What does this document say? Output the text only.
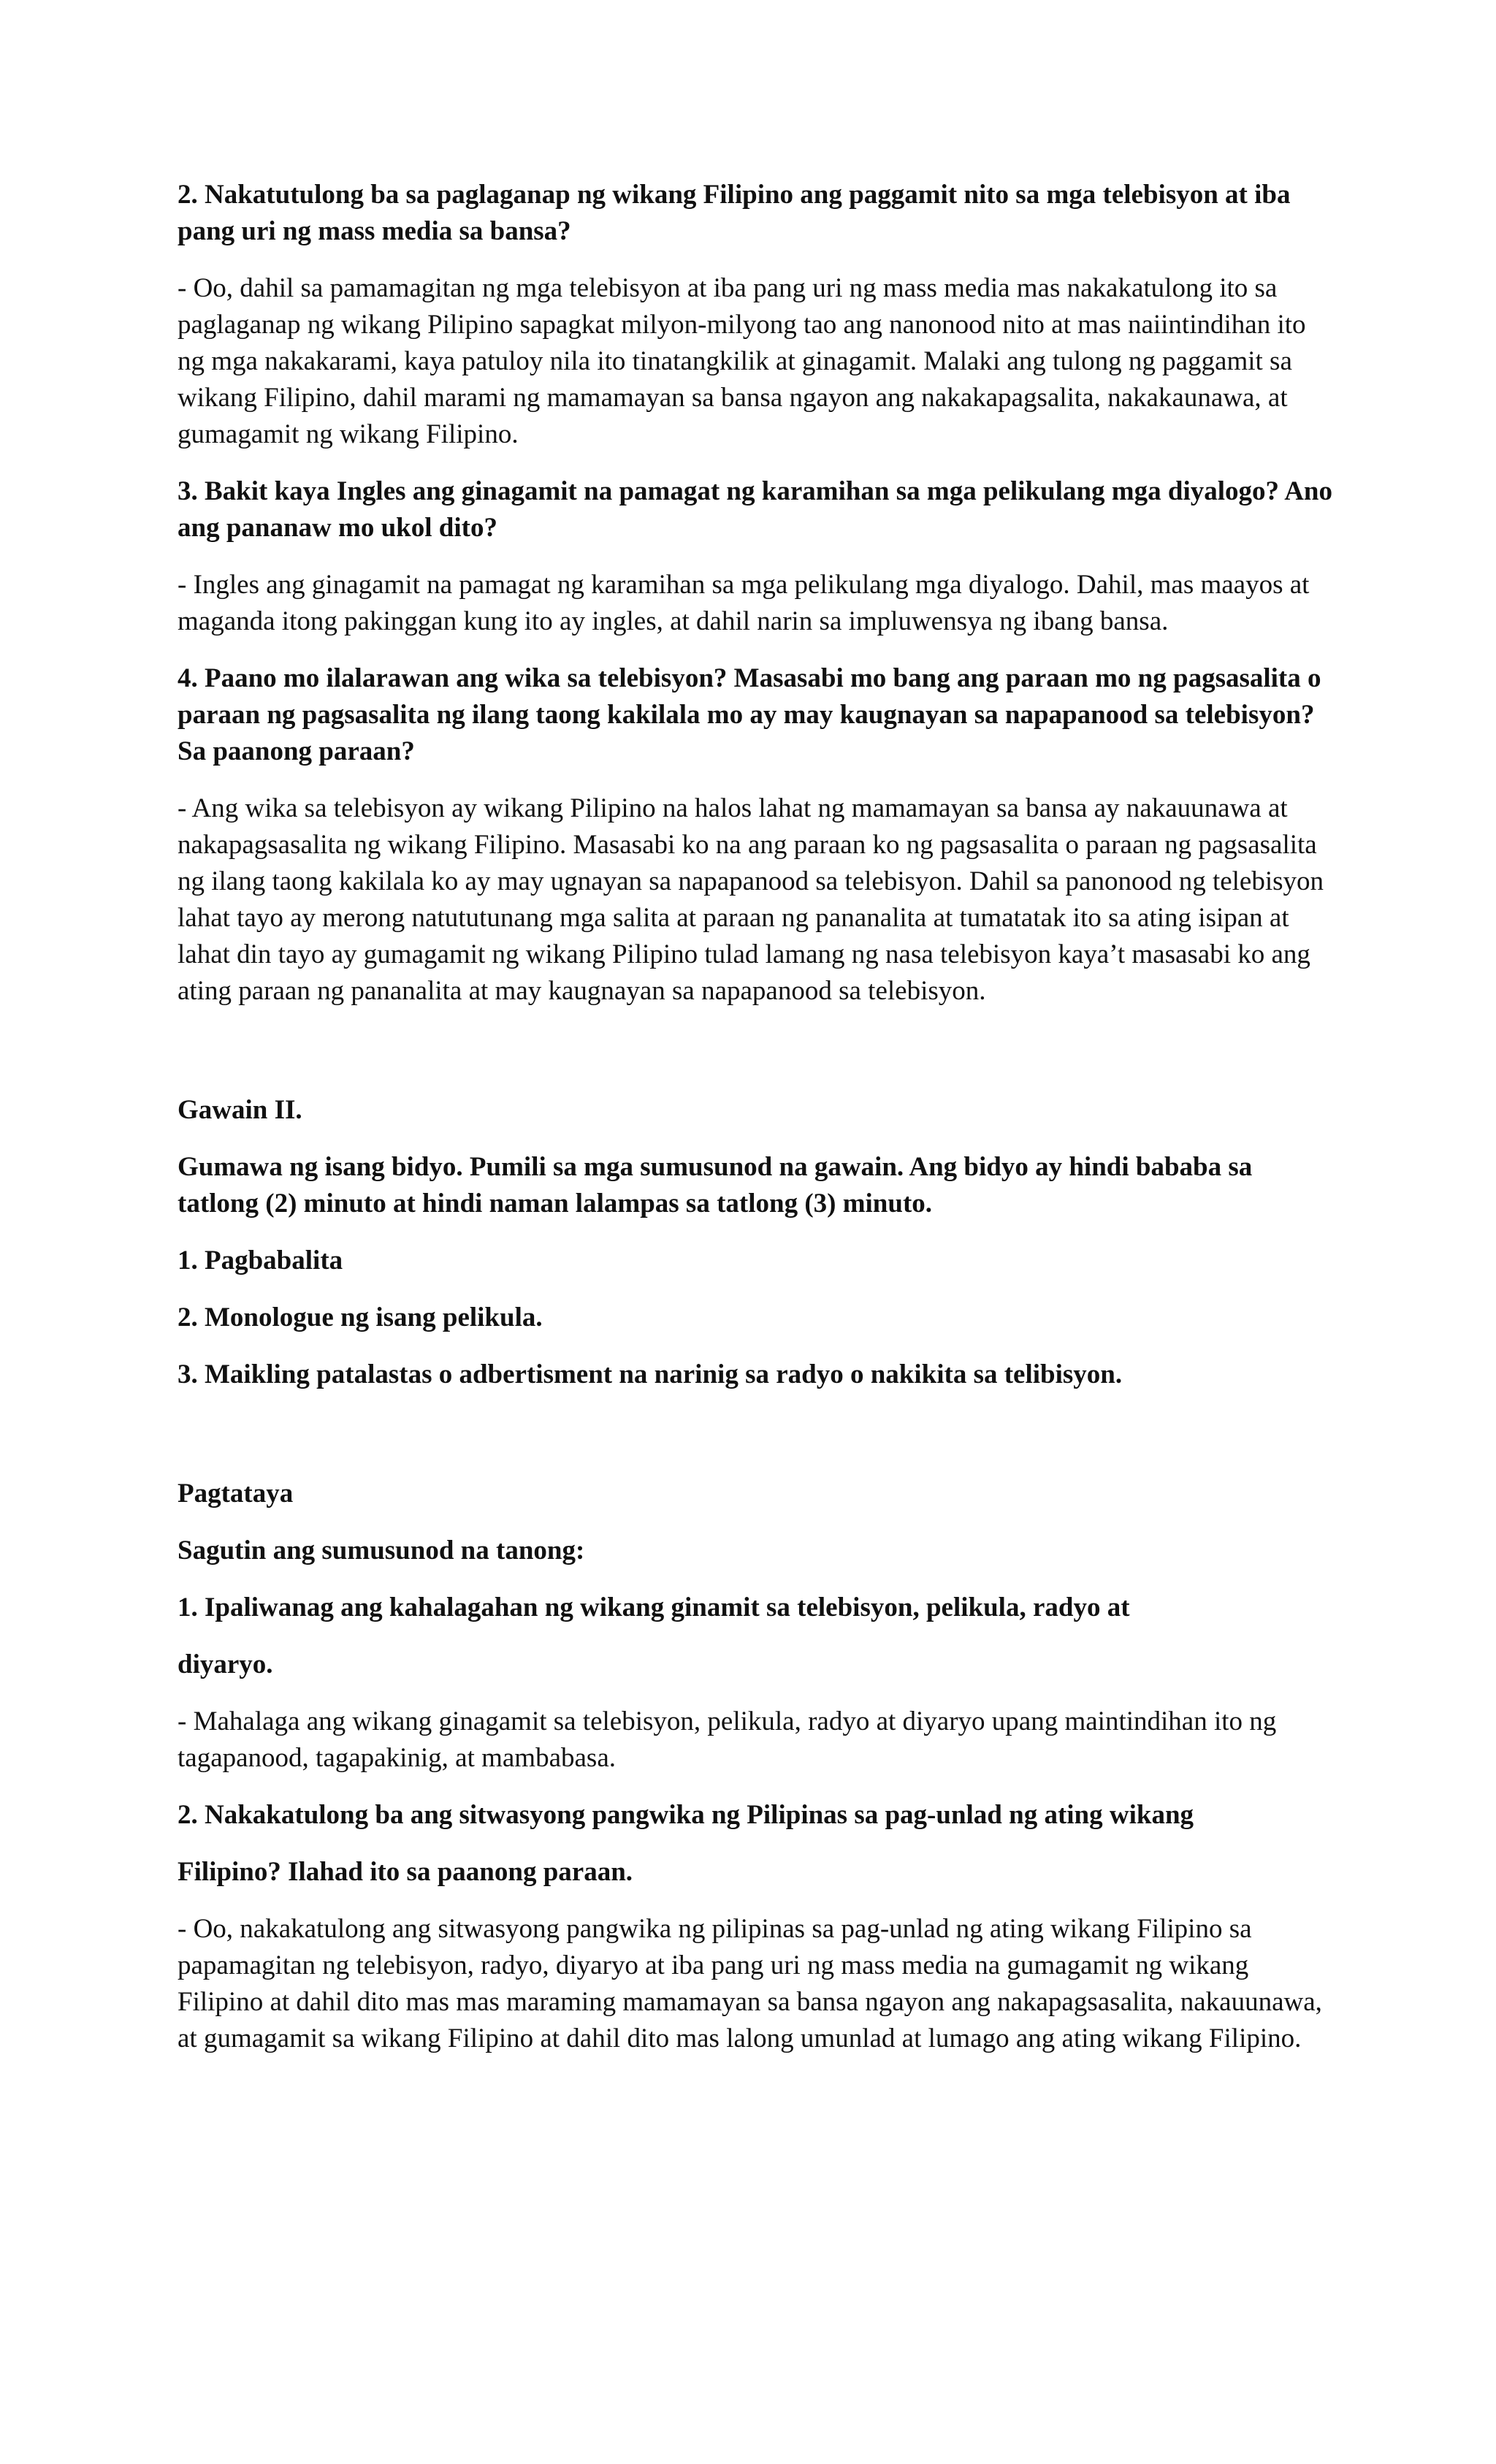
2. Nakatutulong ba sa paglaganap ng wikang Filipino ang paggamit nito sa mga telebisyon at iba pang uri ng mass media sa bansa?

- Oo, dahil sa pamamagitan ng mga telebisyon at iba pang uri ng mass media mas nakakatulong ito sa paglaganap ng wikang Pilipino sapagkat milyon-milyong tao ang nanonood nito at mas naiintindihan ito ng mga nakakarami, kaya patuloy nila ito tinatangkilik at ginagamit. Malaki ang tulong ng paggamit sa wikang Filipino, dahil marami ng mamamayan sa bansa ngayon ang nakakapagsalita, nakakaunawa, at gumagamit ng wikang Filipino.

3. Bakit kaya Ingles ang ginagamit na pamagat ng karamihan sa mga pelikulang mga diyalogo? Ano ang pananaw mo ukol dito?

- Ingles ang ginagamit na pamagat ng karamihan sa mga pelikulang mga diyalogo. Dahil, mas maayos at maganda itong pakinggan kung ito ay ingles, at dahil narin sa impluwensya ng ibang bansa.

4. Paano mo ilalarawan ang wika sa telebisyon? Masasabi mo bang ang paraan mo ng pagsasalita o paraan ng pagsasalita ng ilang taong kakilala mo ay may kaugnayan sa napapanood sa telebisyon? Sa paanong paraan?

- Ang wika sa telebisyon ay wikang Pilipino na halos lahat ng mamamayan sa bansa ay nakauunawa at nakapagsasalita ng wikang Filipino. Masasabi ko na ang paraan ko ng pagsasalita o paraan ng pagsasalita ng ilang taong kakilala ko ay may ugnayan sa napapanood sa telebisyon. Dahil sa panonood ng telebisyon lahat tayo ay merong natututunang mga salita at paraan ng pananalita at tumatatak ito sa ating isipan at lahat din tayo ay gumagamit ng wikang Pilipino tulad lamang ng nasa telebisyon kaya’t masasabi ko ang ating paraan ng pananalita at may kaugnayan sa napapanood sa telebisyon.

Gawain II.

Gumawa ng isang bidyo. Pumili sa mga sumusunod na gawain. Ang bidyo ay hindi bababa sa tatlong (2) minuto at hindi naman lalampas sa tatlong (3) minuto.

1. Pagbabalita

2. Monologue ng isang pelikula.

3. Maikling patalastas o adbertisment na narinig sa radyo o nakikita sa telibisyon.

Pagtataya

Sagutin ang sumusunod na tanong:

1. Ipaliwanag ang kahalagahan ng wikang ginamit sa telebisyon, pelikula, radyo at

diyaryo.

- Mahalaga ang wikang ginagamit sa telebisyon, pelikula, radyo at diyaryo upang maintindihan ito ng tagapanood, tagapakinig, at mambabasa.

2. Nakakatulong ba ang sitwasyong pangwika ng Pilipinas sa pag-unlad ng ating wikang

Filipino? Ilahad ito sa paanong paraan.

- Oo, nakakatulong ang sitwasyong pangwika ng pilipinas sa pag-unlad ng ating wikang Filipino sa papamagitan ng telebisyon, radyo, diyaryo at iba pang uri ng mass media na gumagamit ng wikang Filipino at dahil dito mas mas maraming mamamayan sa bansa ngayon ang nakapagsasalita, nakauunawa, at gumagamit sa wikang Filipino at dahil dito mas lalong umunlad at lumago ang ating wikang Filipino.
